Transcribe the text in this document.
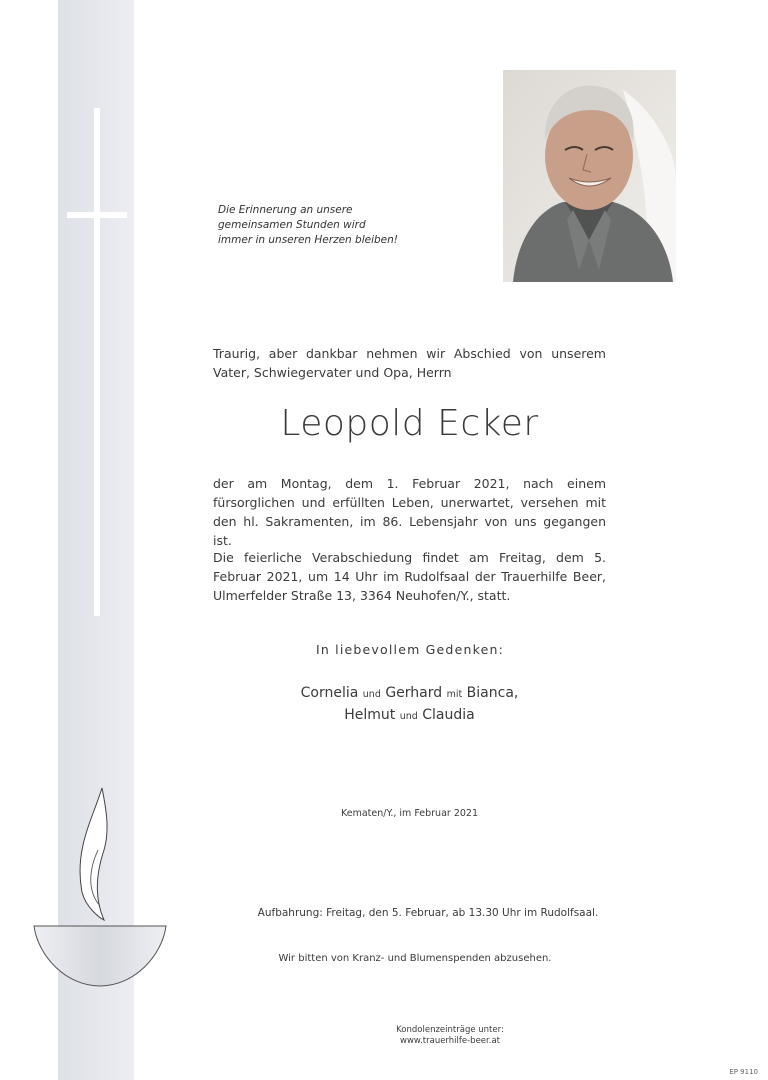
Die Erinnerung an unsere
gemeinsamen Stunden wird
immer in unseren Herzen bleiben!
Traurig, aber dankbar nehmen wir Abschied von unserem Vater, Schwiegervater und Opa, Herrn
Leopold Ecker
der am Montag, dem 1. Februar 2021, nach einem fürsorglichen und erfüllten Leben, unerwartet, versehen mit den hl. Sakramenten, im 86. Lebensjahr von uns gegangen ist.
Die feierliche Verabschiedung findet am Freitag, dem 5. Februar 2021, um 14 Uhr im Rudolfsaal der Trauerhilfe Beer, Ulmerfelder Straße 13, 3364 Neuhofen/Y., statt.
In liebevollem Gedenken:
Cornelia und Gerhard mit Bianca,
Helmut und Claudia
Kematen/Y., im Februar 2021
Aufbahrung: Freitag, den 5. Februar, ab 13.30 Uhr im Rudolfsaal.
Wir bitten von Kranz- und Blumenspenden abzusehen.
Kondolenzeinträge unter:
www.trauerhilfe-beer.at
EP 9110
